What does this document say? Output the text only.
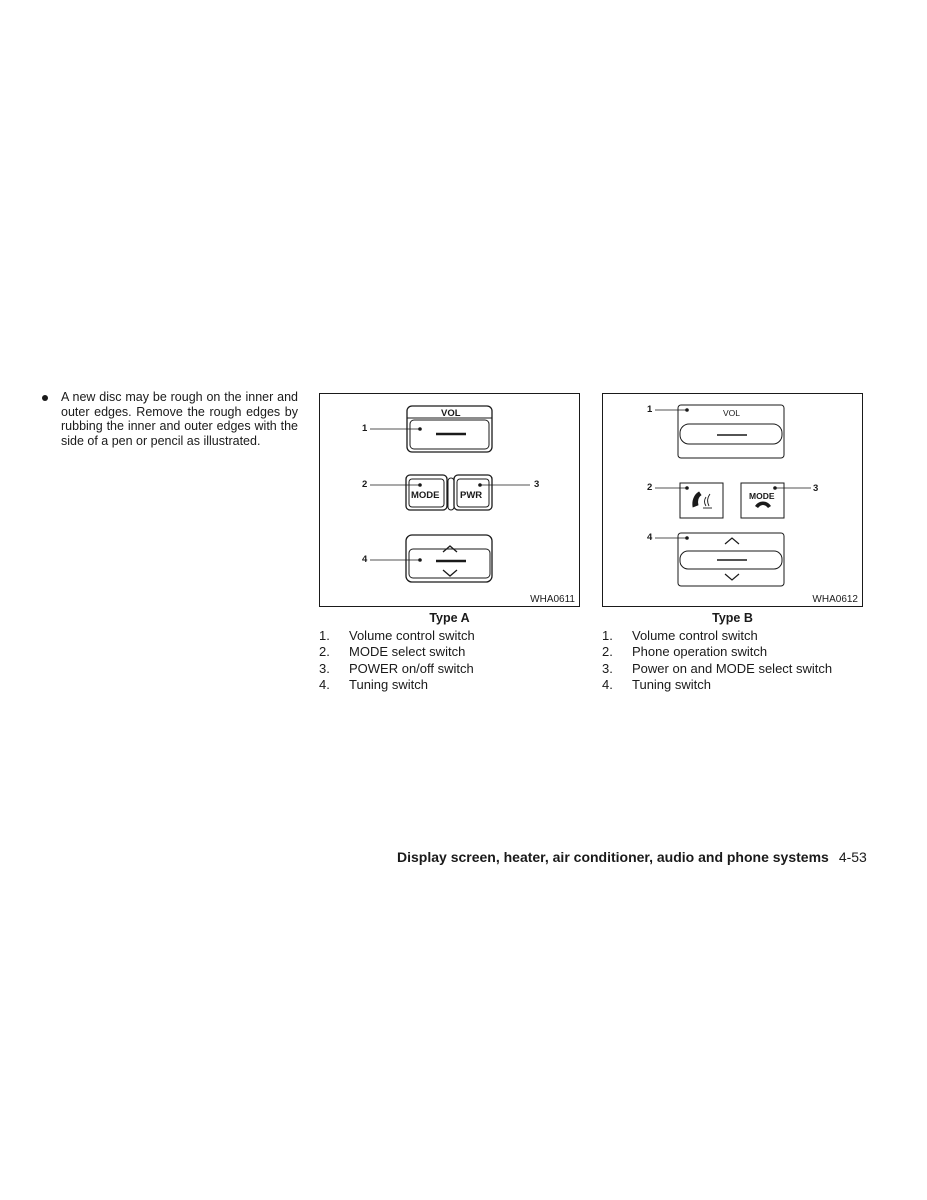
A new disc may be rough on the inner and outer edges. Remove the rough edges by rubbing the inner and outer edges with the side of a pen or pencil as illustrated.
VOL
MODE PWR
1
2	3
4
WHA0611
VOL
MODE
1
2	3
4
WHA0612
Type A	Type B
1. Volume control switch
2. MODE select switch
3. POWER on/off switch
4. Tuning switch
1. Volume control switch
2. Phone operation switch
3. Power on and MODE select switch
4. Tuning switch
Display screen, heater, air conditioner, audio and phone systems 4-53
